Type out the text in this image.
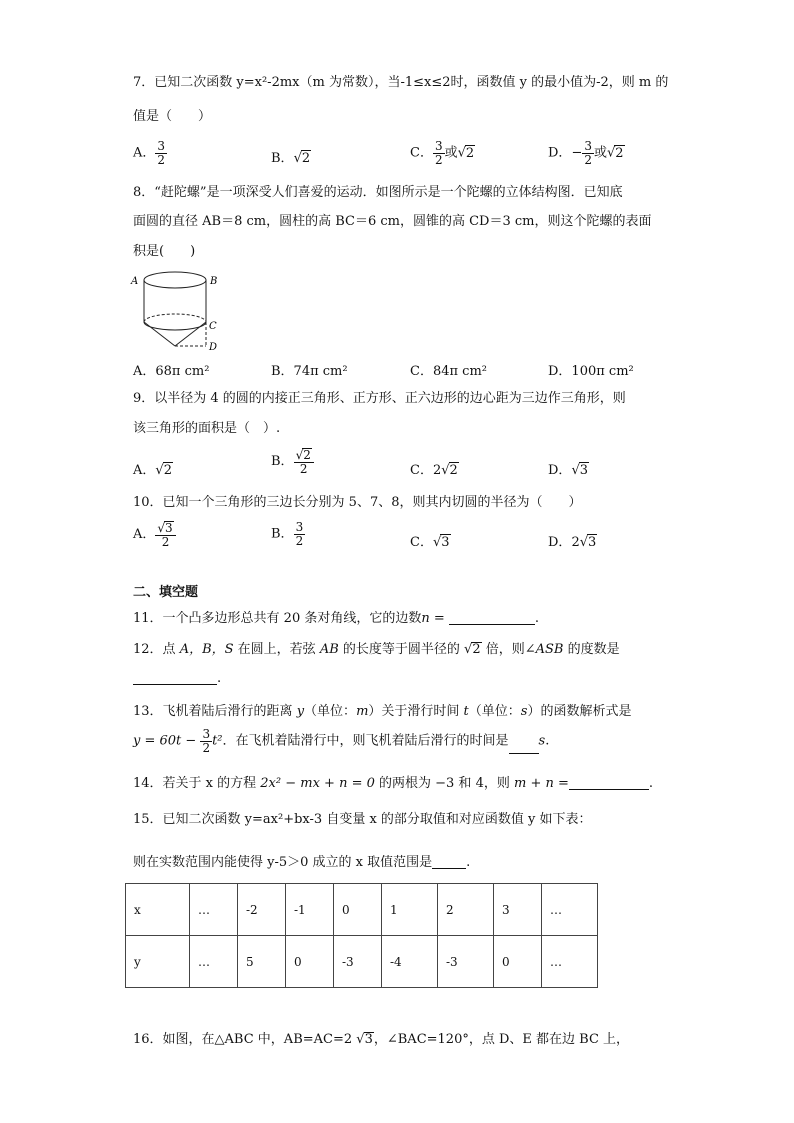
7．已知二次函数 y=x²-2mx（m 为常数），当-1≤x≤2时，函数值 y 的最小值为-2，则 m 的
值是（　　）
A． $\frac{3}{2}$	B．√2	C． $\frac{3}{2}$ 或√2	D．− $\frac{3}{2}$ 或√2
8．“赶陀螺”是一项深受人们喜爱的运动．如图所示是一个陀螺的立体结构图．已知底
面圆的直径 AB＝8 cm，圆柱的高 BC＝6 cm，圆锥的高 CD＝3 cm，则这个陀螺的表面
积是(　　)
A	B
C
D
A．68π cm²	B．74π cm²	C．84π cm²	D．100π cm²
9．以半径为 4 的圆的内接正三角形、正方形、正六边形的边心距为三边作三角形，则
该三角形的面积是（　）.
A．√2
B． $\frac{√2}{2}$	C．2√2	D．√3
10．已知一个三角形的三边长分别为 5、7、8，则其内切圆的半径为（　　）
A． $\frac{√3}{2}$	B． $\frac{3}{2}$	C．√3	D．2√3
二、填空题
11．一个凸多边形总共有 20 条对角线，它的边数n =	.
12．点 A，B，S 在圆上，若弦 AB 的长度等于圆半径的 √2 倍，则∠ASB 的度数是
.
13．飞机着陆后滑行的距离 y（单位：m）关于滑行时间 t（单位：s）的函数解析式是
$y = 60t - \frac{3}{2} t^2$．在飞机着陆滑行中，则飞机着陆后滑行的时间是 s.
14．若关于 x 的方程 2x² − mx + n = 0 的两根为 −3 和 4，则 m + n =	.
15．已知二次函数 y=ax²+bx-3 自变量 x 的部分取值和对应函数值 y 如下表：
则在实数范围内能使得 y-5＞0 成立的 x 取值范围是	.
x	…	-2	-1	0	1	2	3	…
y	…	5	0	-3	-4	-3	0	…
16．如图，在△ABC 中，AB=AC=2 √3，∠BAC=120°，点 D、E 都在边 BC 上，
